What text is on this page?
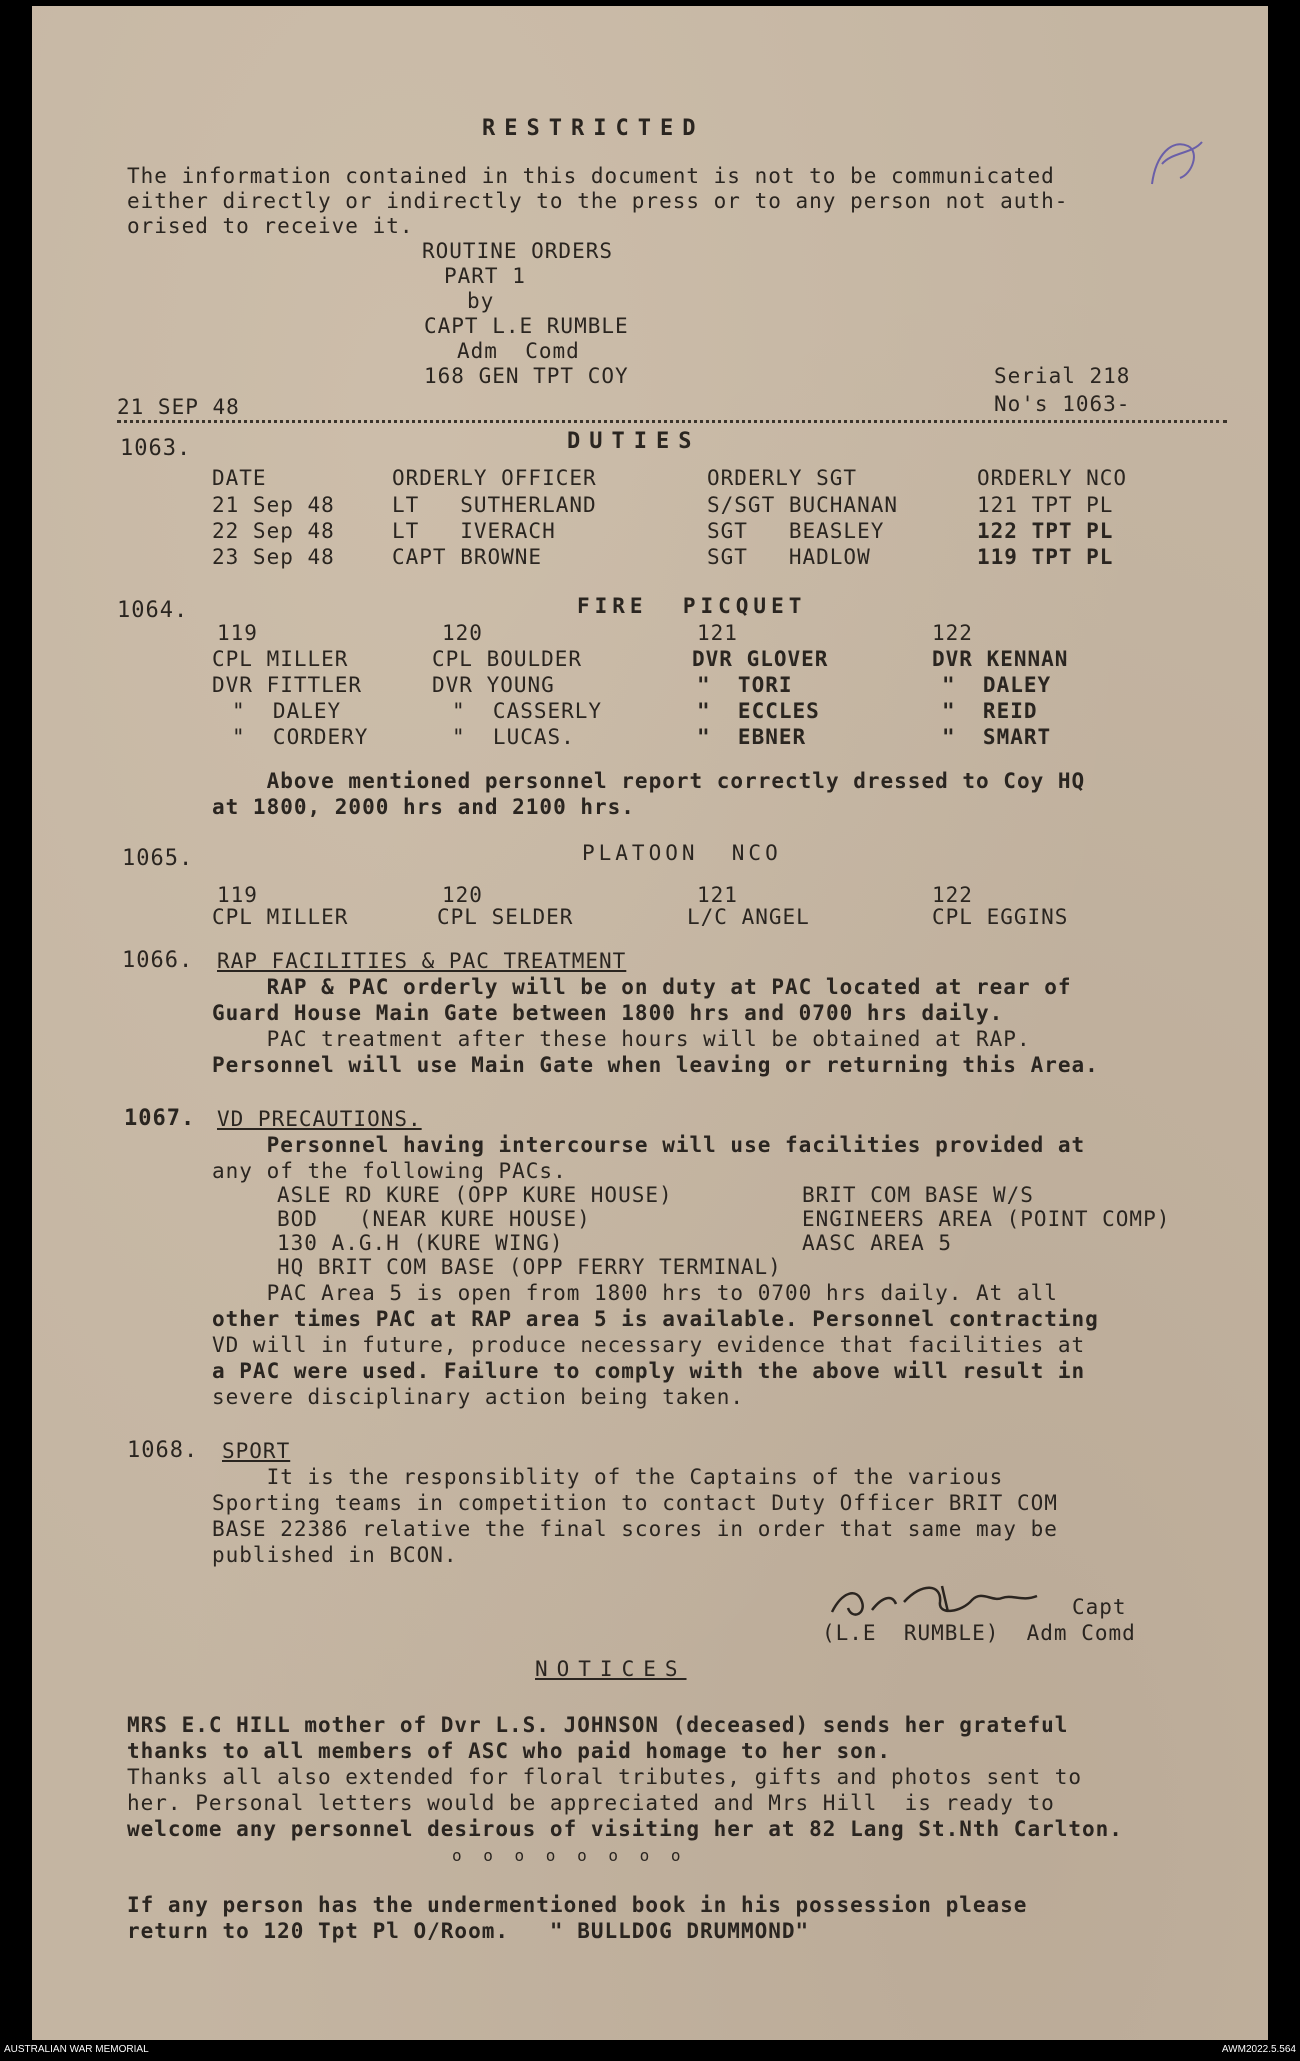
RESTRICTED
The information contained in this document is not to be communicated
either directly or indirectly to the press or to any person not auth-
orised to receive it.
ROUTINE ORDERS
PART 1
by
CAPT L.E RUMBLE
Adm  Comd
168 GEN TPT COY	Serial 218
21 SEP 48	No's 1063-
1063.	DUTIES
DATE	ORDERLY OFFICER	ORDERLY SGT	ORDERLY NCO
21 Sep 48	LT   SUTHERLAND	S/SGT BUCHANAN	121 TPT PL
22 Sep 48	LT   IVERACH	SGT   BEASLEY	122 TPT PL
23 Sep 48	CAPT BROWNE	SGT   HADLOW	119 TPT PL
1064.	FIRE  PICQUET
119	120	121	122
CPL MILLER	CPL BOULDER	DVR GLOVER	DVR KENNAN
DVR FITTLER	DVR YOUNG	"  TORI	"  DALEY
"  DALEY	"  CASSERLY	"  ECCLES	"  REID
"  CORDERY	"  LUCAS.	"  EBNER	"  SMART
Above mentioned personnel report correctly dressed to Coy HQ
at 1800, 2000 hrs and 2100 hrs.
1065.	PLATOON  NCO
119	120	121	122
CPL MILLER	CPL SELDER	L/C ANGEL	CPL EGGINS
1066. RAP FACILITIES & PAC TREATMENT
RAP & PAC orderly will be on duty at PAC located at rear of
Guard House Main Gate between 1800 hrs and 0700 hrs daily.
PAC treatment after these hours will be obtained at RAP.
Personnel will use Main Gate when leaving or returning this Area.
1067. VD PRECAUTIONS.
Personnel having intercourse will use facilities provided at
any of the following PACs.
ASLE RD KURE (OPP KURE HOUSE)	BRIT COM BASE W/S
BOD   (NEAR KURE HOUSE)	ENGINEERS AREA (POINT COMP)
130 A.G.H (KURE WING)	AASC AREA 5
HQ BRIT COM BASE (OPP FERRY TERMINAL)
PAC Area 5 is open from 1800 hrs to 0700 hrs daily. At all
other times PAC at RAP area 5 is available. Personnel contracting
VD will in future, produce necessary evidence that facilities at
a PAC were used. Failure to comply with the above will result in
severe disciplinary action being taken.
1068. SPORT
It is the responsiblity of the Captains of the various
Sporting teams in competition to contact Duty Officer BRIT COM
BASE 22386 relative the final scores in order that same may be
published in BCON.
Capt
(L.E  RUMBLE)  Adm Comd
NOTICES
MRS E.C HILL mother of Dvr L.S. JOHNSON (deceased) sends her grateful
thanks to all members of ASC who paid homage to her son.
Thanks all also extended for floral tributes, gifts and photos sent to
her. Personal letters would be appreciated and Mrs Hill  is ready to
welcome any personnel desirous of visiting her at 82 Lang St.Nth Carlton.
o o o o o o o o
If any person has the undermentioned book in his possession please
return to 120 Tpt Pl O/Room.   " BULLDOG DRUMMOND"
AUSTRALIAN WAR MEMORIAL	AWM2022.5.564
